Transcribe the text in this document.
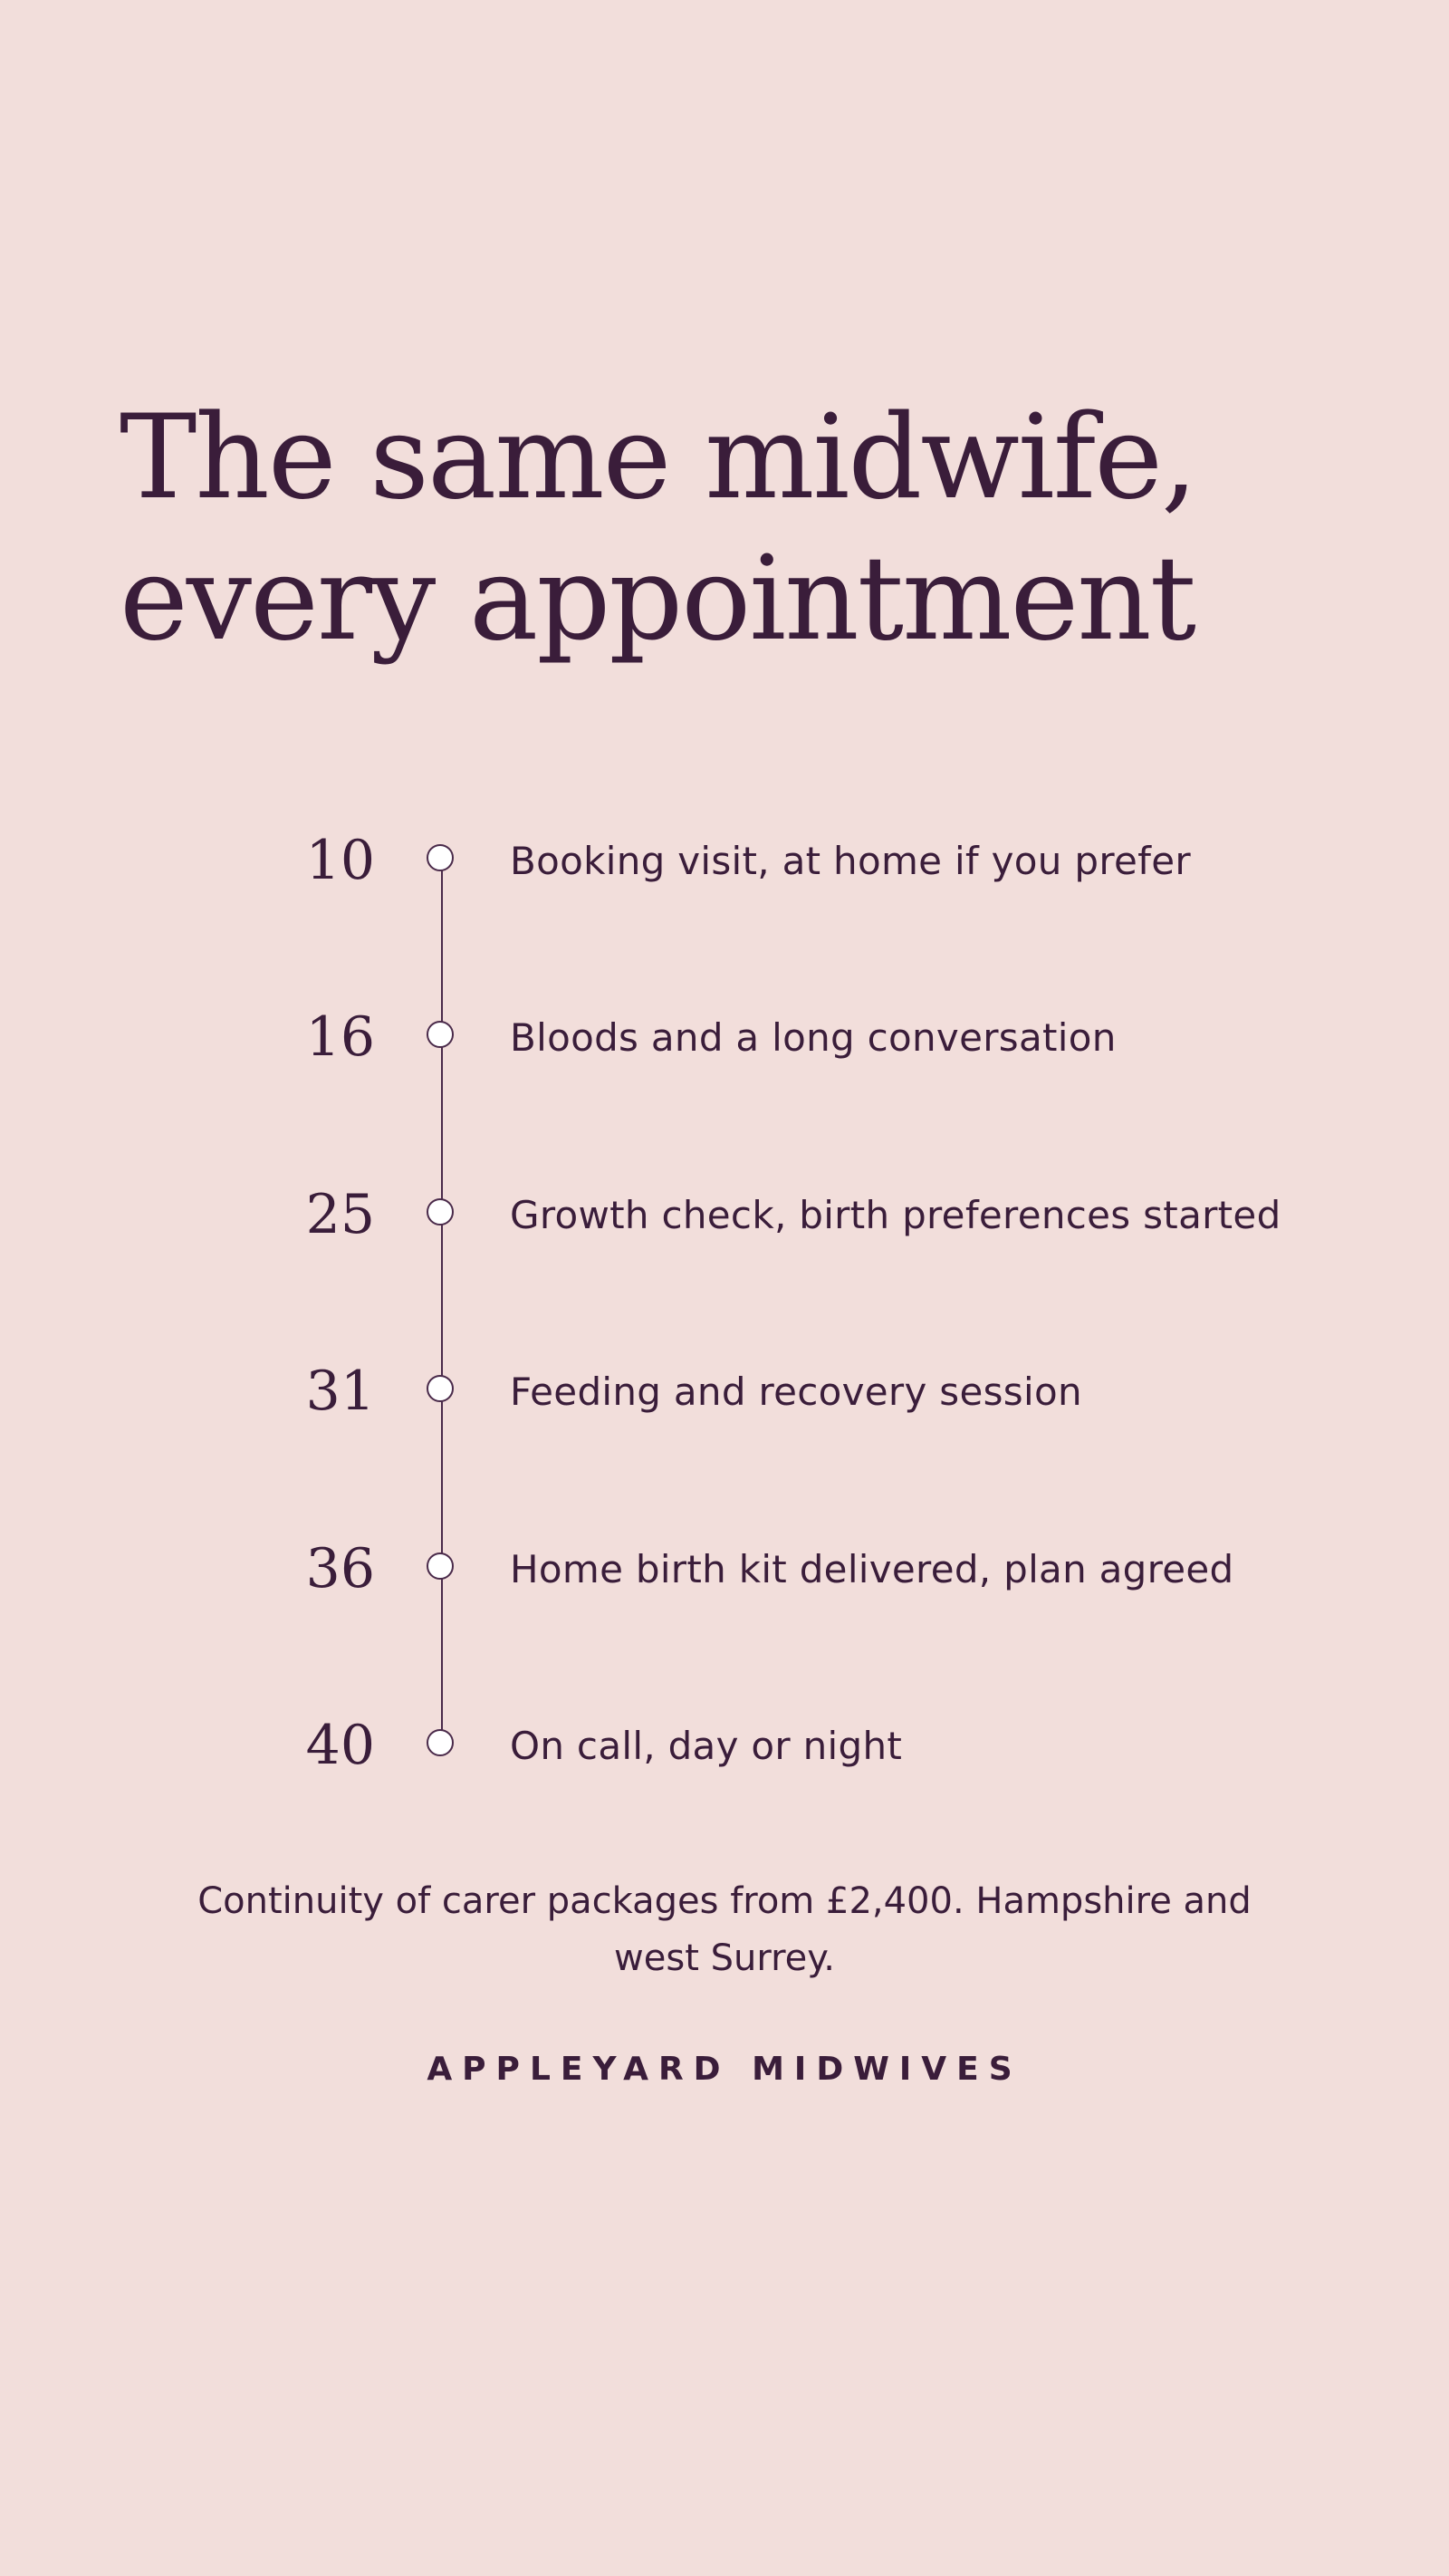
The same midwife,
every appointment
10	Booking visit, at home if you prefer
16	Bloods and a long conversation
25	Growth check, birth preferences started
31	Feeding and recovery session
36	Home birth kit delivered, plan agreed
40	On call, day or night

Continuity of carer packages from £2,400. Hampshire and west Surrey.

APPLEYARD MIDWIVES
